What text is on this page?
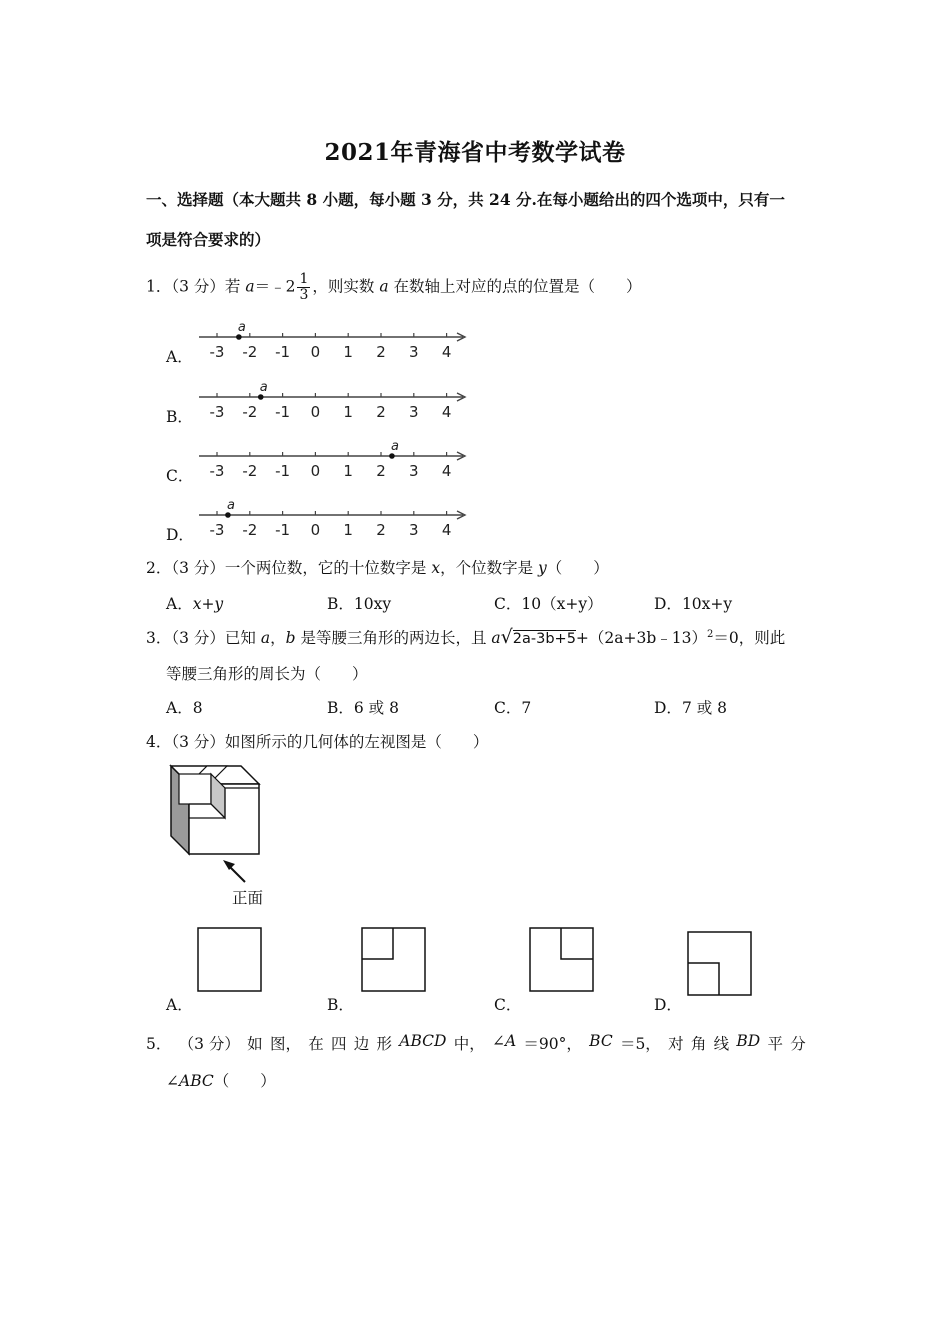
2021年青海省中考数学试卷
一、选择题（本大题共 8 小题，每小题 3 分，共 24 分.在每小题给出的四个选项中，只有一
项是符合要求的）
1．（3 分）若 a＝﹣2 $\frac{1}{3}$ ，则实数 a 在数轴上对应的点的位置是（　　）
A．
B．
C．
D．
-3 -2 -1 0 1 2 3 4
a
-3 -2 -1 0 1 2 3 4
a
-3 -2 -1 0 1 2 3 4
a
-3 -2 -1 0 1 2 3 4
a
2．（3 分）一个两位数，它的十位数字是 x，个位数字是 y（　　）
A．x+y	B．10xy	C．10（x+y）	D．10x+y
3．（3 分）已知 a，b 是等腰三角形的两边长，且 a√2a-3b+5+（2a+3b﹣13）$^2$＝0，则此
等腰三角形的周长为（　　）
A．8	B．6 或 8	C．7	D．7 或 8
4．（3 分）如图所示的几何体的左视图是（　　）
正面
A．	B．	C．	D．
5． （3 分） 如 图， 在 四 边 形 ABCD 中， ∠A ＝90°， BC ＝5， 对 角 线 BD 平 分
∠ABC（　　）
